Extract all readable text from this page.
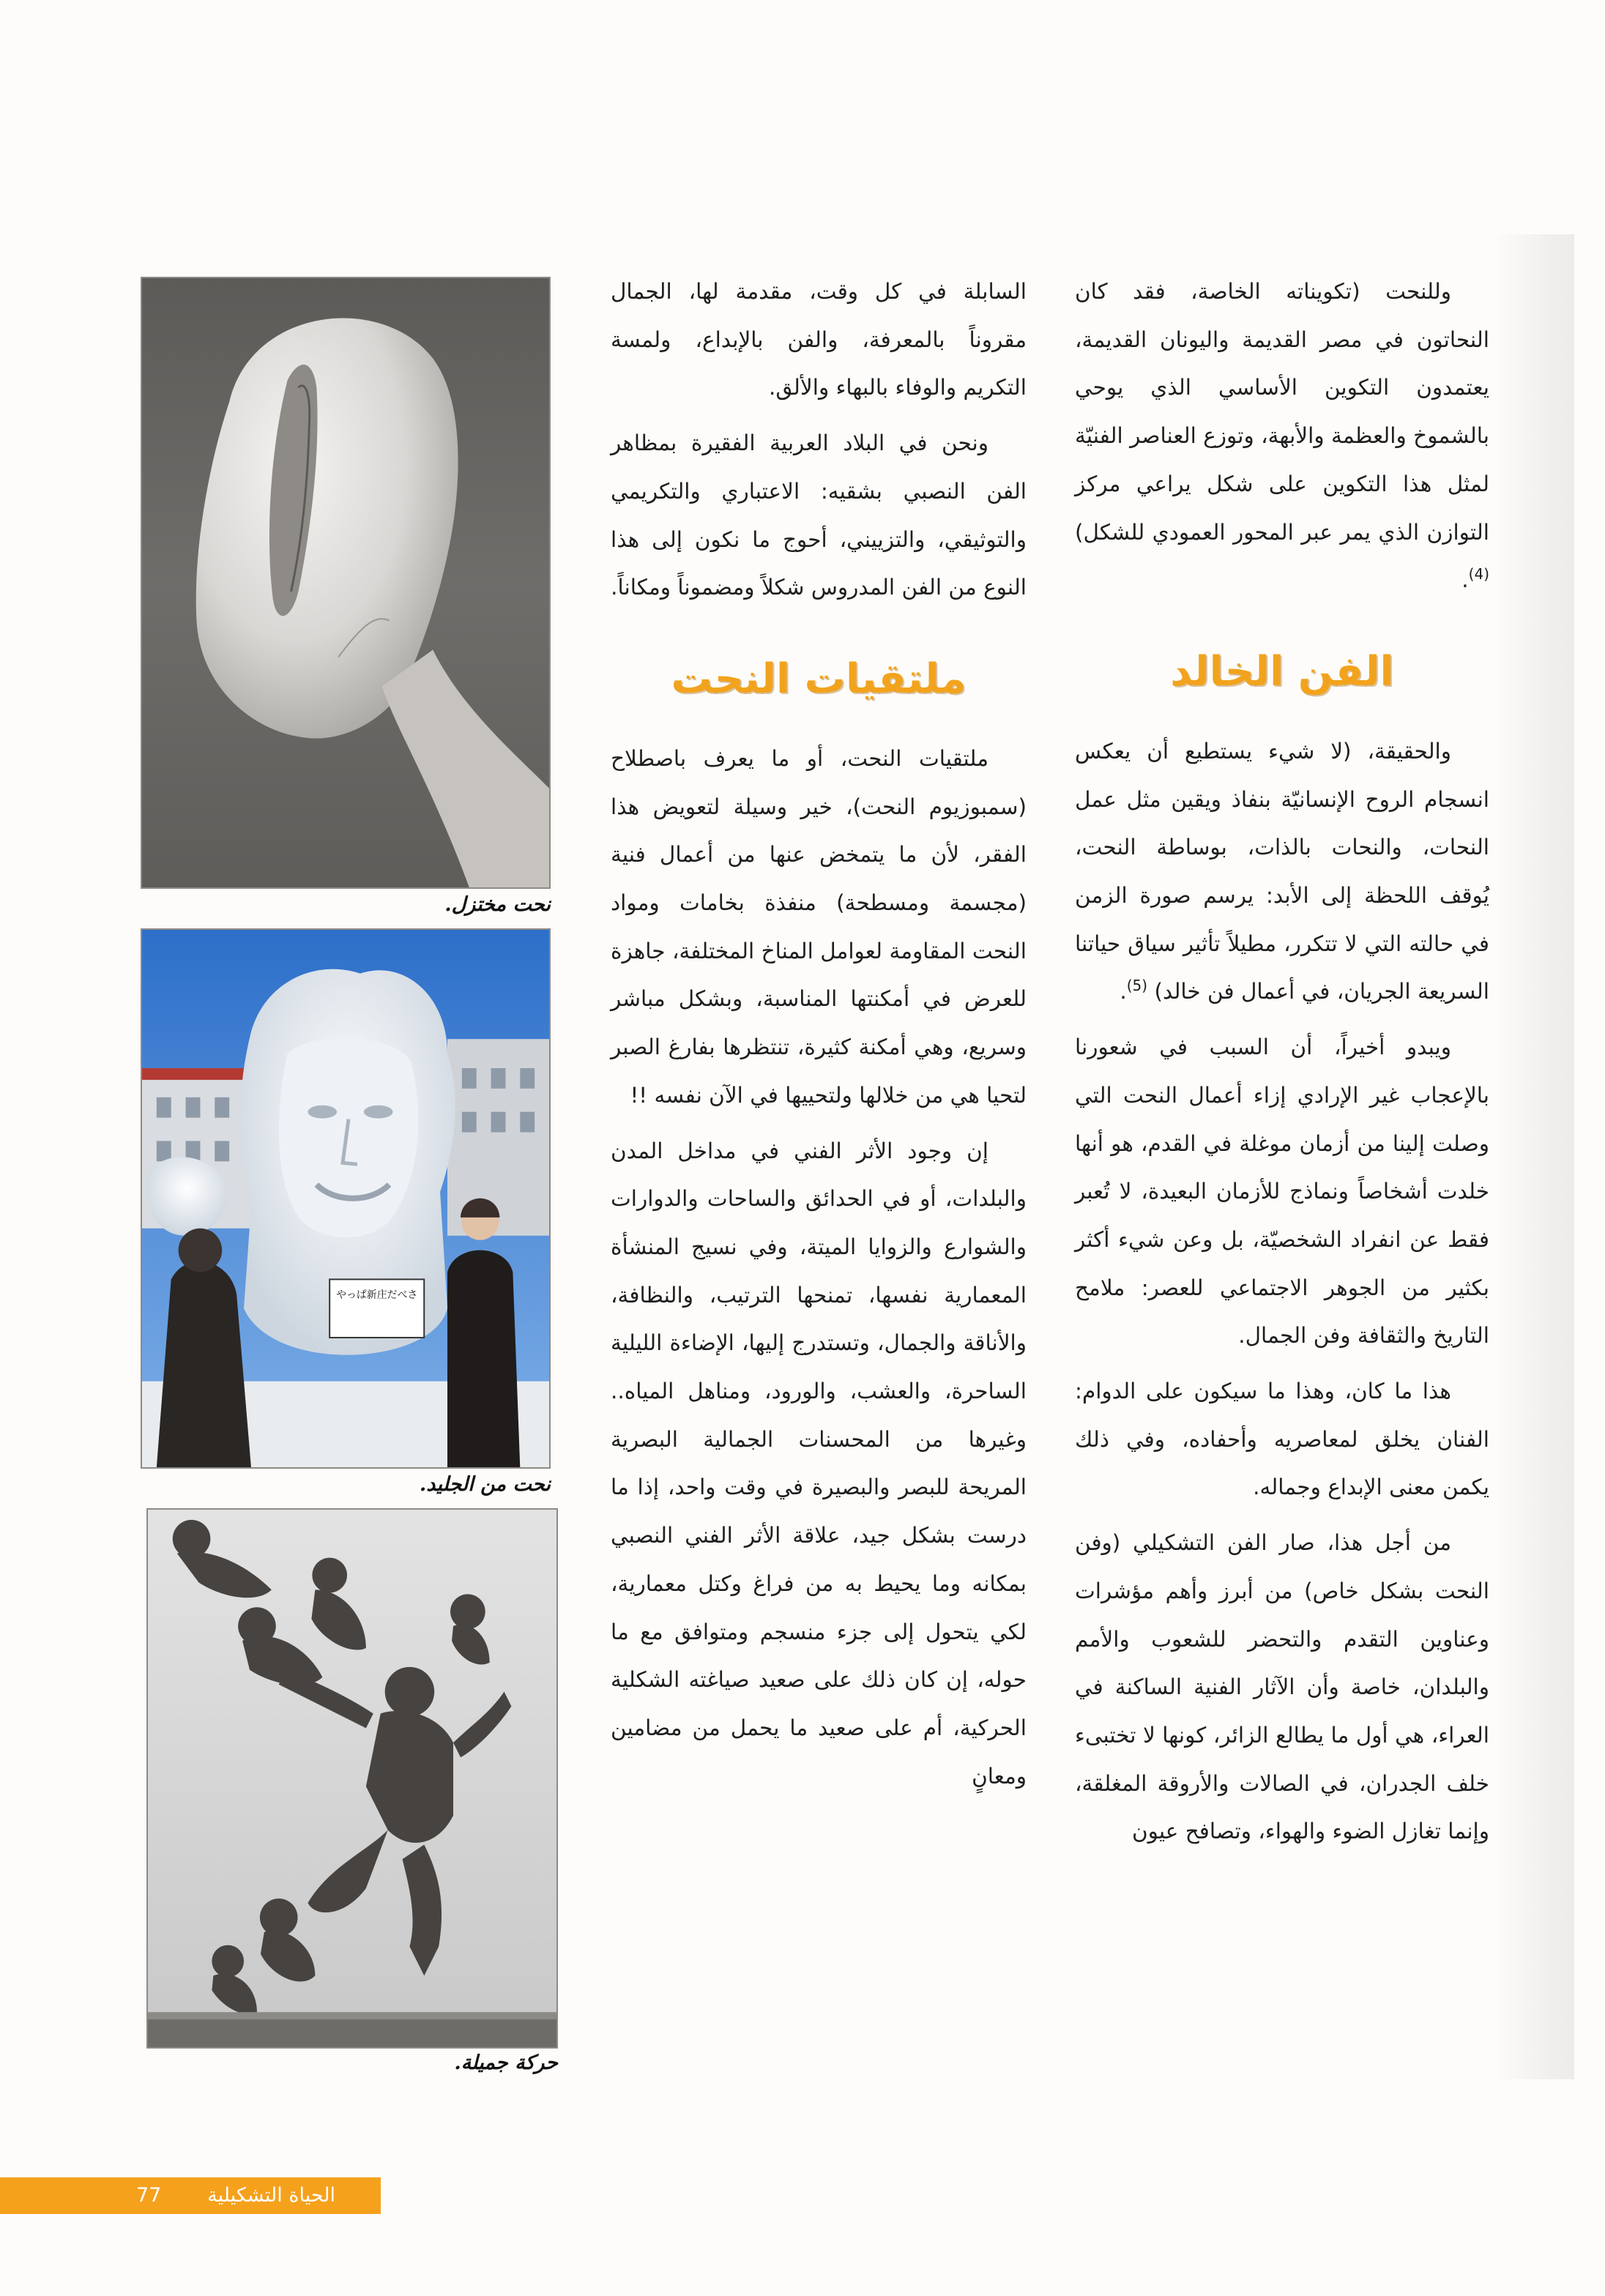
وللنحت (تكويناته الخاصة، فقد كان النحاتون في مصر القديمة واليونان القديمة، يعتمدون التكوين الأساسي الذي يوحي بالشموخ والعظمة والأبهة، وتوزع العناصر الفنيّة لمثل هذا التكوين على شكل يراعي مركز التوازن الذي يمر عبر المحور العمودي للشكل) $^{(4)}$.

الفن الخالد

والحقيقة، (لا شيء يستطيع أن يعكس انسجام الروح الإنسانيّة بنفاذ ويقين مثل عمل النحات، والنحات بالذات، بوساطة النحت، يُوقف اللحظة إلى الأبد: يرسم صورة الزمن في حالته التي لا تتكرر، مطيلاً تأثير سياق حياتنا السريعة الجريان، في أعمال فن خالد) $^{(5)}$.

ويبدو أخيراً، أن السبب في شعورنا بالإعجاب غير الإرادي إزاء أعمال النحت التي وصلت إلينا من أزمان موغلة في القدم، هو أنها خلدت أشخاصاً ونماذج للأزمان البعيدة، لا تُعبر فقط عن انفراد الشخصيّة، بل وعن شيء أكثر بكثير من الجوهر الاجتماعي للعصر: ملامح التاريخ والثقافة وفن الجمال.

هذا ما كان، وهذا ما سيكون على الدوام: الفنان يخلق لمعاصريه وأحفاده، وفي ذلك يكمن معنى الإبداع وجماله.

من أجل هذا، صار الفن التشكيلي (وفن النحت بشكل خاص) من أبرز وأهم مؤشرات وعناوين التقدم والتحضر للشعوب والأمم والبلدان، خاصة وأن الآثار الفنية الساكنة في العراء، هي أول ما يطالع الزائر، كونها لا تختبىء خلف الجدران، في الصالات والأروقة المغلقة، وإنما تغازل الضوء والهواء، وتصافح عيون

السابلة في كل وقت، مقدمة لها، الجمال مقروناً بالمعرفة، والفن بالإبداع، ولمسة التكريم والوفاء بالبهاء والألق.

ونحن في البلاد العربية الفقيرة بمظاهر الفن النصبي بشقيه: الاعتباري والتكريمي والتوثيقي، والتزييني، أحوج ما نكون إلى هذا النوع من الفن المدروس شكلاً ومضموناً ومكاناً.

ملتقيات النحت

ملتقيات النحت، أو ما يعرف باصطلاح (سمبوزيوم النحت)، خير وسيلة لتعويض هذا الفقر، لأن ما يتمخض عنها من أعمال فنية (مجسمة ومسطحة) منفذة بخامات ومواد النحت المقاومة لعوامل المناخ المختلفة، جاهزة للعرض في أمكنتها المناسبة، وبشكل مباشر وسريع، وهي أمكنة كثيرة، تنتظرها بفارغ الصبر لتحيا هي من خلالها ولتحييها في الآن نفسه !!

إن وجود الأثر الفني في مداخل المدن والبلدات، أو في الحدائق والساحات والدوارات والشوارع والزوايا الميتة، وفي نسيج المنشأة المعمارية نفسها، تمنحها الترتيب، والنظافة، والأناقة والجمال، وتستدرج إليها، الإضاءة الليلية الساحرة، والعشب، والورود، ومناهل المياه.. وغيرها من المحسنات الجمالية البصرية المريحة للبصر والبصيرة في وقت واحد، إذا ما درست بشكل جيد، علاقة الأثر الفني النصبي بمكانه وما يحيط به من فراغ وكتل معمارية، لكي يتحول إلى جزء منسجم ومتوافق مع ما حوله، إن كان ذلك على صعيد صياغته الشكلية الحركية، أم على صعيد ما يحمل من مضامين ومعانٍ

نحت مختزل.
やっぱ新庄だべさ
نحت من الجليد.
حركة جميلة.
الحياة التشكيلية
77
